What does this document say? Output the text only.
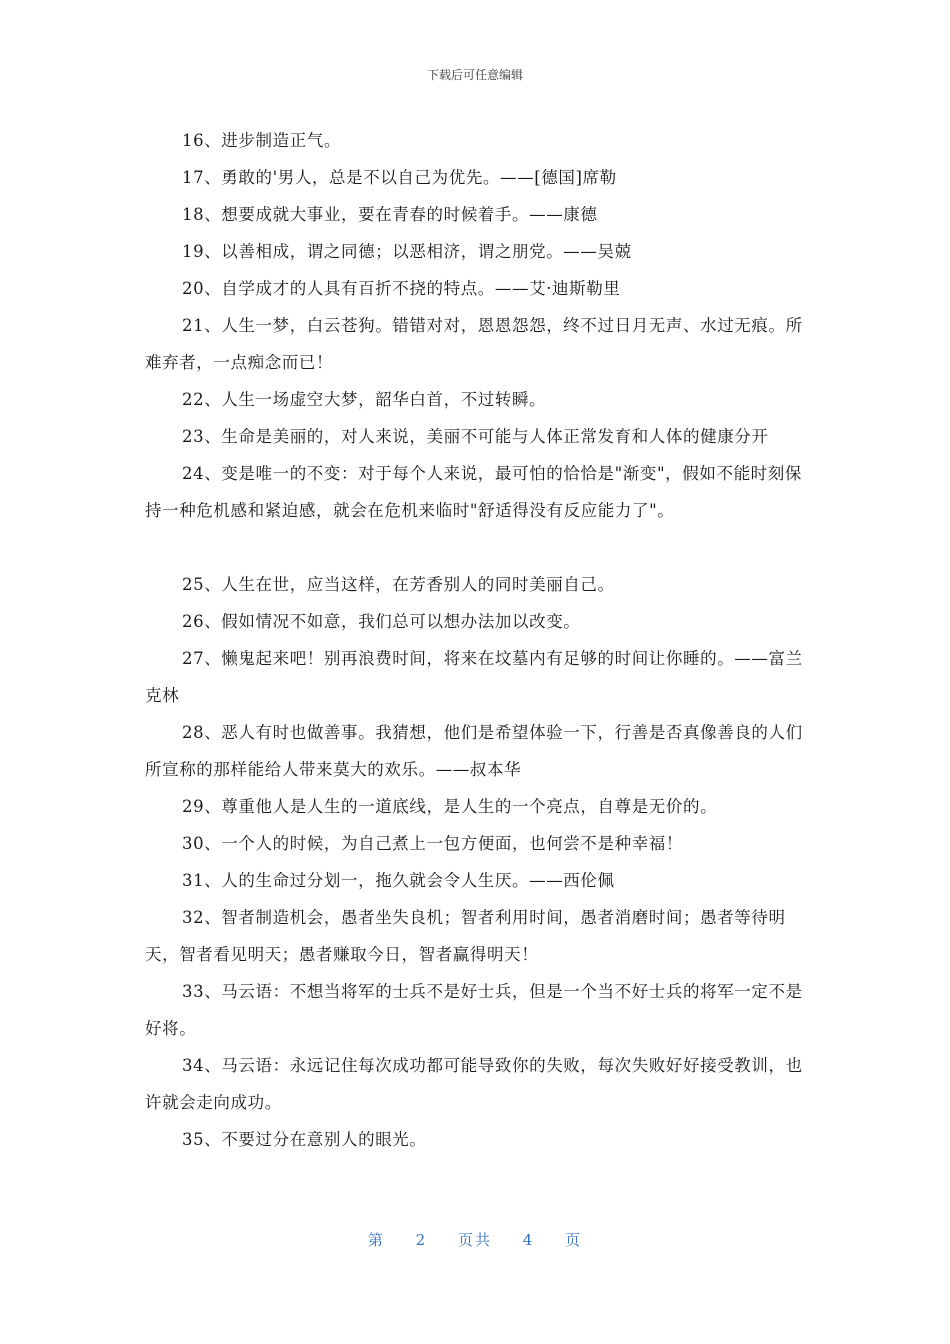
下载后可任意编辑

16、进步制造正气。

17、勇敢的'男人，总是不以自己为优先。——[德国]席勒

18、想要成就大事业，要在青春的时候着手。——康德

19、以善相成，谓之同德；以恶相济，谓之朋党。——吴兢

20、自学成才的人具有百折不挠的特点。——艾·迪斯勒里

21、人生一梦，白云苍狗。错错对对，恩恩怨怨，终不过日月无声、水过无痕。所难弃者，一点痴念而已！

22、人生一场虚空大梦，韶华白首，不过转瞬。

23、生命是美丽的，对人来说，美丽不可能与人体正常发育和人体的健康分开

24、变是唯一的不变：对于每个人来说，最可怕的恰恰是"渐变"，假如不能时刻保持一种危机感和紧迫感，就会在危机来临时"舒适得没有反应能力了"。

25、人生在世，应当这样，在芳香别人的同时美丽自己。

26、假如情况不如意，我们总可以想办法加以改变。

27、懒鬼起来吧！别再浪费时间，将来在坟墓内有足够的时间让你睡的。——富兰克林

28、恶人有时也做善事。我猜想，他们是希望体验一下，行善是否真像善良的人们所宣称的那样能给人带来莫大的欢乐。——叔本华

29、尊重他人是人生的一道底线，是人生的一个亮点，自尊是无价的。

30、一个人的时候，为自己煮上一包方便面，也何尝不是种幸福！

31、人的生命过分划一，拖久就会令人生厌。——西伦佩

32、智者制造机会，愚者坐失良机；智者利用时间，愚者消磨时间；愚者等待明天，智者看见明天；愚者赚取今日，智者赢得明天！

33、马云语：不想当将军的士兵不是好士兵，但是一个当不好士兵的将军一定不是好将。

34、马云语：永远记住每次成功都可能导致你的失败，每次失败好好接受教训，也许就会走向成功。

35、不要过分在意别人的眼光。

第 2 页共 4 页
